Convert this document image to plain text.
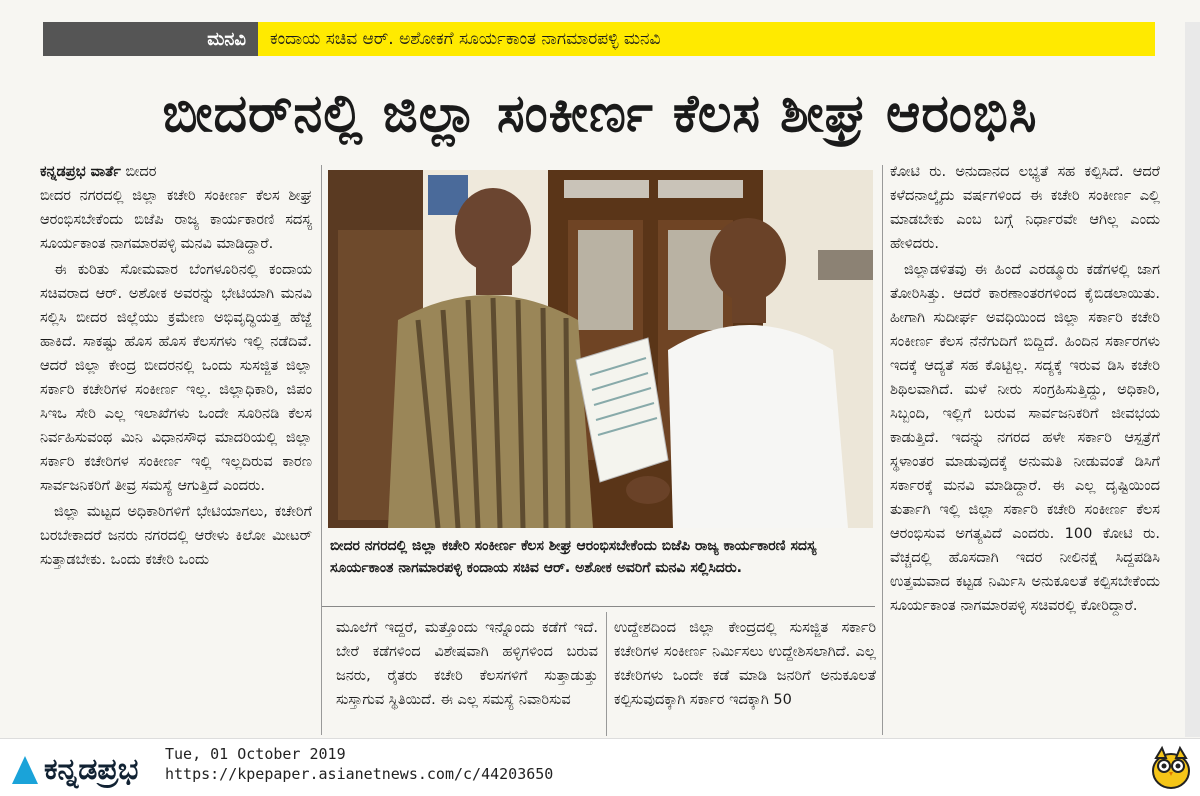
ಮನವಿ	ಕಂದಾಯ ಸಚಿವ ಆರ್. ಅಶೋಕಗೆ ಸೂರ್ಯಕಾಂತ ನಾಗಮಾರಪಳ್ಳಿ ಮನವಿ
ಬೀದರ್‌ನಲ್ಲಿ ಜಿಲ್ಲಾ ಸಂಕೀರ್ಣ ಕೆಲಸ ಶೀಘ್ರ ಆರಂಭಿಸಿ
ಕನ್ನಡಪ್ರಭ ವಾರ್ತೆ ಬೀದರ

ಬೀದರ ನಗರದಲ್ಲಿ ಜಿಲ್ಲಾ ಕಚೇರಿ ಸಂಕೀರ್ಣ ಕೆಲಸ ಶೀಘ್ರ ಆರಂಭಿಸಬೇಕೆಂದು ಬಿಜೆಪಿ ರಾಜ್ಯ ಕಾರ್ಯಕಾರಣಿ ಸದಸ್ಯ ಸೂರ್ಯಕಾಂತ ನಾಗಮಾರಪಳ್ಳಿ ಮನವಿ ಮಾಡಿದ್ದಾರೆ.

ಈ ಕುರಿತು ಸೋಮವಾರ ಬೆಂಗಳೂರಿನಲ್ಲಿ ಕಂದಾಯ ಸಚಿವರಾದ ಆರ್. ಅಶೋಕ ಅವರನ್ನು ಭೇಟಿಯಾಗಿ ಮನವಿ ಸಲ್ಲಿಸಿ ಬೀದರ ಜಿಲ್ಲೆಯು ಕ್ರಮೇಣ ಅಭಿವೃದ್ಧಿಯತ್ತ ಹೆಜ್ಜೆ ಹಾಕಿದೆ. ಸಾಕಷ್ಟು ಹೊಸ ಹೊಸ ಕೆಲಸಗಳು ಇಲ್ಲಿ ನಡೆದಿವೆ. ಆದರೆ ಜಿಲ್ಲಾ ಕೇಂದ್ರ ಬೀದರನಲ್ಲಿ ಒಂದು ಸುಸಜ್ಜಿತ ಜಿಲ್ಲಾ ಸರ್ಕಾರಿ ಕಚೇರಿಗಳ ಸಂಕೀರ್ಣ ಇಲ್ಲ. ಜಿಲ್ಲಾಧಿಕಾರಿ, ಜಿಪಂ ಸಿಇಒ ಸೇರಿ ಎಲ್ಲ ಇಲಾಖೆಗಳು ಒಂದೇ ಸೂರಿನಡಿ ಕೆಲಸ ನಿರ್ವಹಿಸುವಂಥ ಮಿನಿ ವಿಧಾನಸೌಧ ಮಾದರಿಯಲ್ಲಿ ಜಿಲ್ಲಾ ಸರ್ಕಾರಿ ಕಚೇರಿಗಳ ಸಂಕೀರ್ಣ ಇಲ್ಲಿ ಇಲ್ಲದಿರುವ ಕಾರಣ ಸಾರ್ವಜನಿಕರಿಗೆ ತೀವ್ರ ಸಮಸ್ಯೆ ಆಗುತ್ತಿದೆ ಎಂದರು.

ಜಿಲ್ಲಾ ಮಟ್ಟದ ಅಧಿಕಾರಿಗಳಿಗೆ ಭೇಟಿಯಾಗಲು, ಕಚೇರಿಗೆ ಬರಬೇಕಾದರೆ ಜನರು ನಗರದಲ್ಲಿ ಆರೇಳು ಕಿಲೋ ಮೀಟರ್ ಸುತ್ತಾಡಬೇಕು. ಒಂದು ಕಚೇರಿ ಒಂದು

ಬೀದರ ನಗರದಲ್ಲಿ ಜಿಲ್ಲಾ ಕಚೇರಿ ಸಂಕೀರ್ಣ ಕೆಲಸ ಶೀಘ್ರ ಆರಂಭಿಸಬೇಕೆಂದು ಬಿಜೆಪಿ ರಾಜ್ಯ ಕಾರ್ಯಕಾರಣಿ ಸದಸ್ಯ ಸೂರ್ಯಕಾಂತ ನಾಗಮಾರಪಳ್ಳಿ ಕಂದಾಯ ಸಚಿವ ಆರ್. ಅಶೋಕ ಅವರಿಗೆ ಮನವಿ ಸಲ್ಲಿಸಿದರು.
ಮೂಲೆಗೆ ಇದ್ದರೆ, ಮತ್ತೊಂದು ಇನ್ನೊಂದು ಕಡೆಗೆ ಇದೆ. ಬೇರೆ ಕಡೆಗಳಿಂದ ವಿಶೇಷವಾಗಿ ಹಳ್ಳಿಗಳಿಂದ ಬರುವ ಜನರು, ರೈತರು ಕಚೇರಿ ಕೆಲಸಗಳಿಗೆ ಸುತ್ತಾಡುತ್ತು ಸುಸ್ತಾಗುವ ಸ್ಥಿತಿಯಿದೆ. ಈ ಎಲ್ಲ ಸಮಸ್ಯೆ ನಿವಾರಿಸುವ
ಉದ್ದೇಶದಿಂದ ಜಿಲ್ಲಾ ಕೇಂದ್ರದಲ್ಲಿ ಸುಸಜ್ಜಿತ ಸರ್ಕಾರಿ ಕಚೇರಿಗಳ ಸಂಕೀರ್ಣ ನಿರ್ಮಿಸಲು ಉದ್ದೇಶಿಸಲಾಗಿದೆ. ಎಲ್ಲ ಕಚೇರಿಗಳು ಒಂದೇ ಕಡೆ ಮಾಡಿ ಜನರಿಗೆ ಅನುಕೂಲತೆ ಕಲ್ಪಿಸುವುದಕ್ಕಾಗಿ ಸರ್ಕಾರ ಇದಕ್ಕಾಗಿ 50

ಕೋಟಿ ರು. ಅನುದಾನದ ಲಭ್ಯತೆ ಸಹ ಕಲ್ಪಿಸಿದೆ. ಆದರೆ ಕಳೆದನಾಲ್ಕೈದು ವರ್ಷಗಳಿಂದ ಈ ಕಚೇರಿ ಸಂಕೀರ್ಣ ಎಲ್ಲಿ ಮಾಡಬೇಕು ಎಂಬ ಬಗ್ಗೆ ನಿರ್ಧಾರವೇ ಆಗಿಲ್ಲ ಎಂದು ಹೇಳಿದರು.

ಜಿಲ್ಲಾಡಳಿತವು ಈ ಹಿಂದೆ ಎರಡ್ಮೂರು ಕಡೆಗಳಲ್ಲಿ ಜಾಗ ತೋರಿಸಿತ್ತು. ಆದರೆ ಕಾರಣಾಂತರಗಳಿಂದ ಕೈಬಿಡಲಾಯಿತು. ಹೀಗಾಗಿ ಸುದೀರ್ಘ ಅವಧಿಯಿಂದ ಜಿಲ್ಲಾ ಸರ್ಕಾರಿ ಕಚೇರಿ ಸಂಕೀರ್ಣ ಕೆಲಸ ನೆನೆಗುದಿಗೆ ಬಿದ್ದಿದೆ. ಹಿಂದಿನ ಸರ್ಕಾರಗಳು ಇದಕ್ಕೆ ಆದ್ಯತೆ ಸಹ ಕೊಟ್ಟಿಲ್ಲ. ಸದ್ಯಕ್ಕೆ ಇರುವ ಡಿಸಿ ಕಚೇರಿ ಶಿಥಿಲವಾಗಿದೆ. ಮಳೆ ನೀರು ಸಂಗ್ರಹಿಸುತ್ತಿದ್ದು, ಅಧಿಕಾರಿ, ಸಿಬ್ಬಂದಿ, ಇಲ್ಲಿಗೆ ಬರುವ ಸಾರ್ವಜನಿಕರಿಗೆ ಜೀವಭಯ ಕಾಡುತ್ತಿದೆ. ಇದನ್ನು ನಗರದ ಹಳೇ ಸರ್ಕಾರಿ ಆಸ್ಪತ್ರೆಗೆ ಸ್ಥಳಾಂತರ ಮಾಡುವುದಕ್ಕೆ ಅನುಮತಿ ನೀಡುವಂತೆ ಡಿಸಿಗೆ ಸರ್ಕಾರಕ್ಕೆ ಮನವಿ ಮಾಡಿದ್ದಾರೆ. ಈ ಎಲ್ಲ ದೃಷ್ಟಿಯಿಂದ ತುರ್ತಾಗಿ ಇಲ್ಲಿ ಜಿಲ್ಲಾ ಸರ್ಕಾರಿ ಕಚೇರಿ ಸಂಕೀರ್ಣ ಕೆಲಸ ಆರಂಭಿಸುವ ಅಗತ್ಯವಿದೆ ಎಂದರು. 100 ಕೋಟಿ ರು. ವೆಚ್ಚದಲ್ಲಿ ಹೊಸದಾಗಿ ಇದರ ನೀಲಿನಕ್ಷೆ ಸಿದ್ದಪಡಿಸಿ ಉತ್ತಮವಾದ ಕಟ್ಟಡ ನಿರ್ಮಿಸಿ ಅನುಕೂಲತೆ ಕಲ್ಪಿಸಬೇಕೆಂದು ಸೂರ್ಯಕಾಂತ ನಾಗಮಾರಪಳ್ಳಿ ಸಚಿವರಲ್ಲಿ ಕೋರಿದ್ದಾರೆ.

ಕನ್ನಡಪ್ರಭ Tue, 01 October 2019
https://kpepaper.asianetnews.com/c/44203650
